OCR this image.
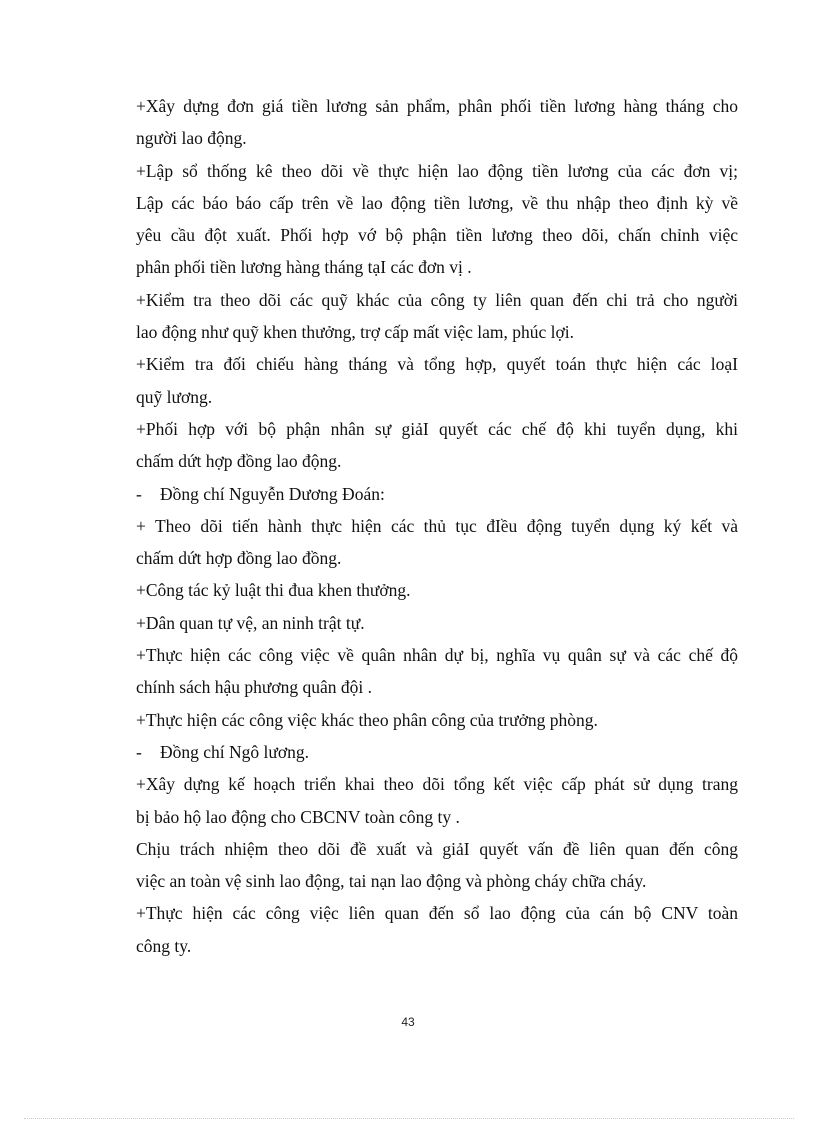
+Xây dựng đơn giá tiền lương sản phẩm, phân phối tiền lương hàng tháng cho
người lao động.
+Lập sổ thống kê theo dõi về thực hiện lao động tiền lương của các đơn vị;
Lập các báo báo cấp trên về lao động tiền lương, về thu nhập theo định kỳ về
yêu cầu đột xuất. Phối hợp vớ bộ phận tiền lương theo dõi, chấn chỉnh việc
phân phối tiền lương hàng tháng tạI các đơn vị .
+Kiểm tra theo dõi các quỹ khác của công ty liên quan đến chi trả cho người
lao động như quỹ khen thưởng, trợ cấp mất việc lam, phúc lợi.
+Kiểm tra đối chiếu hàng tháng và tổng hợp, quyết toán thực hiện các loạI
quỹ lương.
+Phối hợp với bộ phận nhân sự giảI quyết các chế độ khi tuyển dụng, khi
chấm dứt hợp đồng lao động.
-	Đồng chí Nguyễn Dương Đoán:
+ Theo dõi tiến hành thực hiện các thủ tục đIều động tuyển dụng ký kết và
chấm dứt hợp đồng lao đồng.
+Công tác kỷ luật thi đua khen thưởng.
+Dân quan tự vệ, an ninh trật tự.
+Thực hiện các công việc về quân nhân dự bị, nghĩa vụ quân sự và các chế độ
chính sách hậu phương quân đội .
+Thực hiện các công việc khác theo phân công của trưởng phòng.
-	Đồng chí Ngô lương.
+Xây dựng kế hoạch triển khai theo dõi tổng kết việc cấp phát sử dụng trang
bị bảo hộ lao động cho CBCNV toàn công ty .
Chịu trách nhiệm theo dõi đề xuất và giảI quyết vấn đề liên quan đến công
việc an toàn vệ sinh lao động, tai nạn lao động và phòng cháy chữa cháy.
+Thực hiện các công việc liên quan đến sổ lao động của cán bộ CNV toàn
công ty.
43
